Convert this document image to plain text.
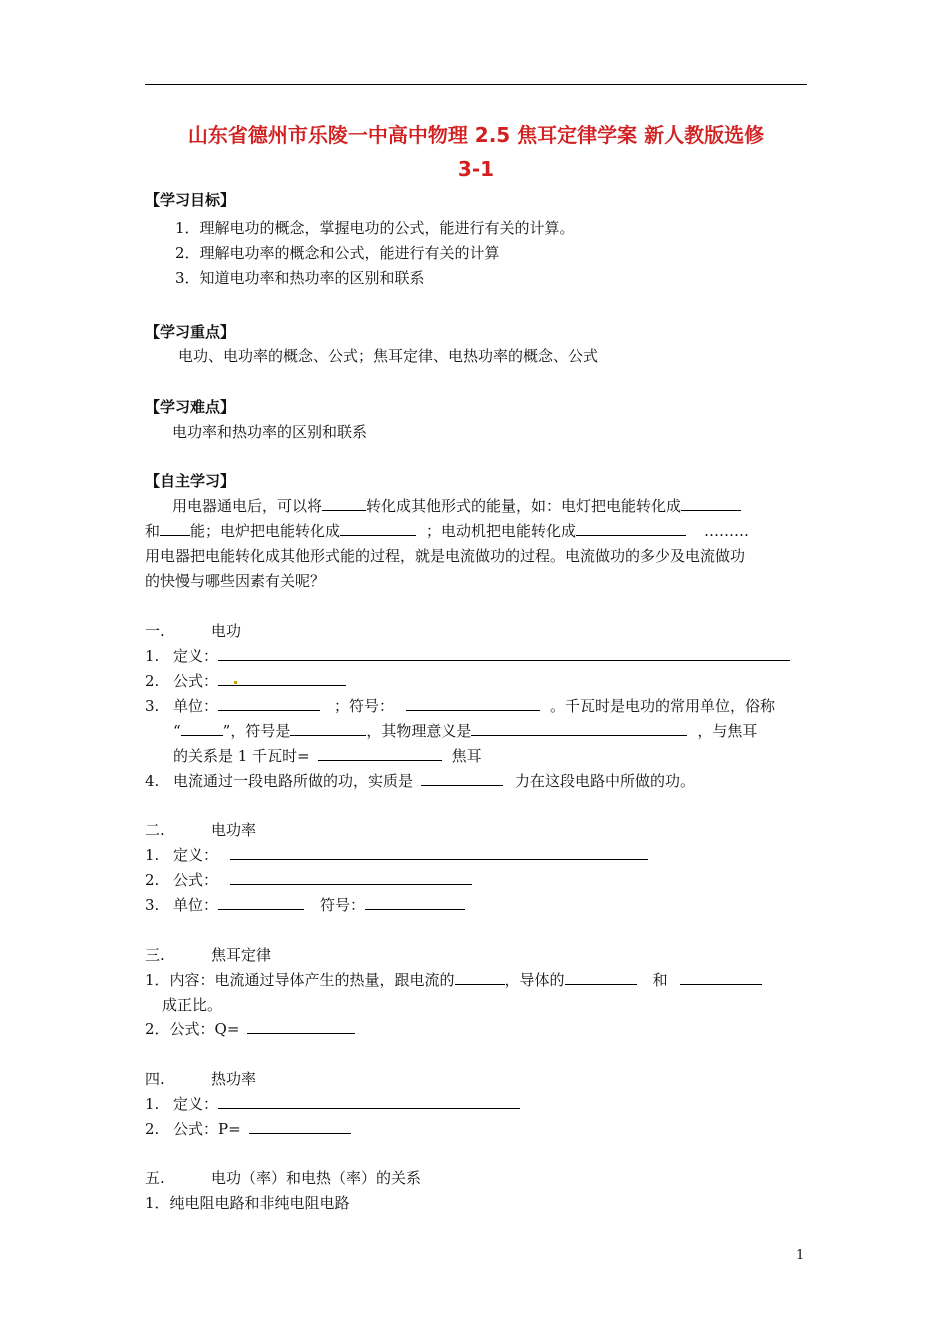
山东省德州市乐陵一中高中物理 2.5 焦耳定律学案 新人教版选修
3-1
【学习目标】
1．理解电功的概念，掌握电功的公式，能进行有关的计算。
2．理解电功率的概念和公式，能进行有关的计算
3．知道电功率和热功率的区别和联系
【学习重点】
电功、电功率的概念、公式；焦耳定律、电热功率的概念、公式
【学习难点】
电功率和热功率的区别和联系
【自主学习】
用电器通电后，可以将	转化成其他形式的能量，如：电灯把电能转化成
和 能；电炉把电能转化成	；电动机把电能转化成	………
用电器把电能转化成其他形式能的过程，就是电流做功的过程。电流做功的多少及电流做功
的快慢与哪些因素有关呢？
一.	电功
1. 定义：
2. 公式：
3. 单位：	；符号：	。千瓦时是电功的常用单位，俗称
“	”，符号是	，其物理意义是	，与焦耳
的关系是 1 千瓦时=	焦耳
4. 电流通过一段电路所做的功，实质是	力在这段电路中所做的功。
二.	电功率
1. 定义：
2. 公式：
3. 单位：	符号：
三.	焦耳定律
1．内容：电流通过导体产生的热量，跟电流的	，导体的	和
成正比。
2．公式：Q=
四.	热功率
1. 定义：
2. 公式：P=
五.	电功（率）和电热（率）的关系
1．纯电阻电路和非纯电阻电路
1
